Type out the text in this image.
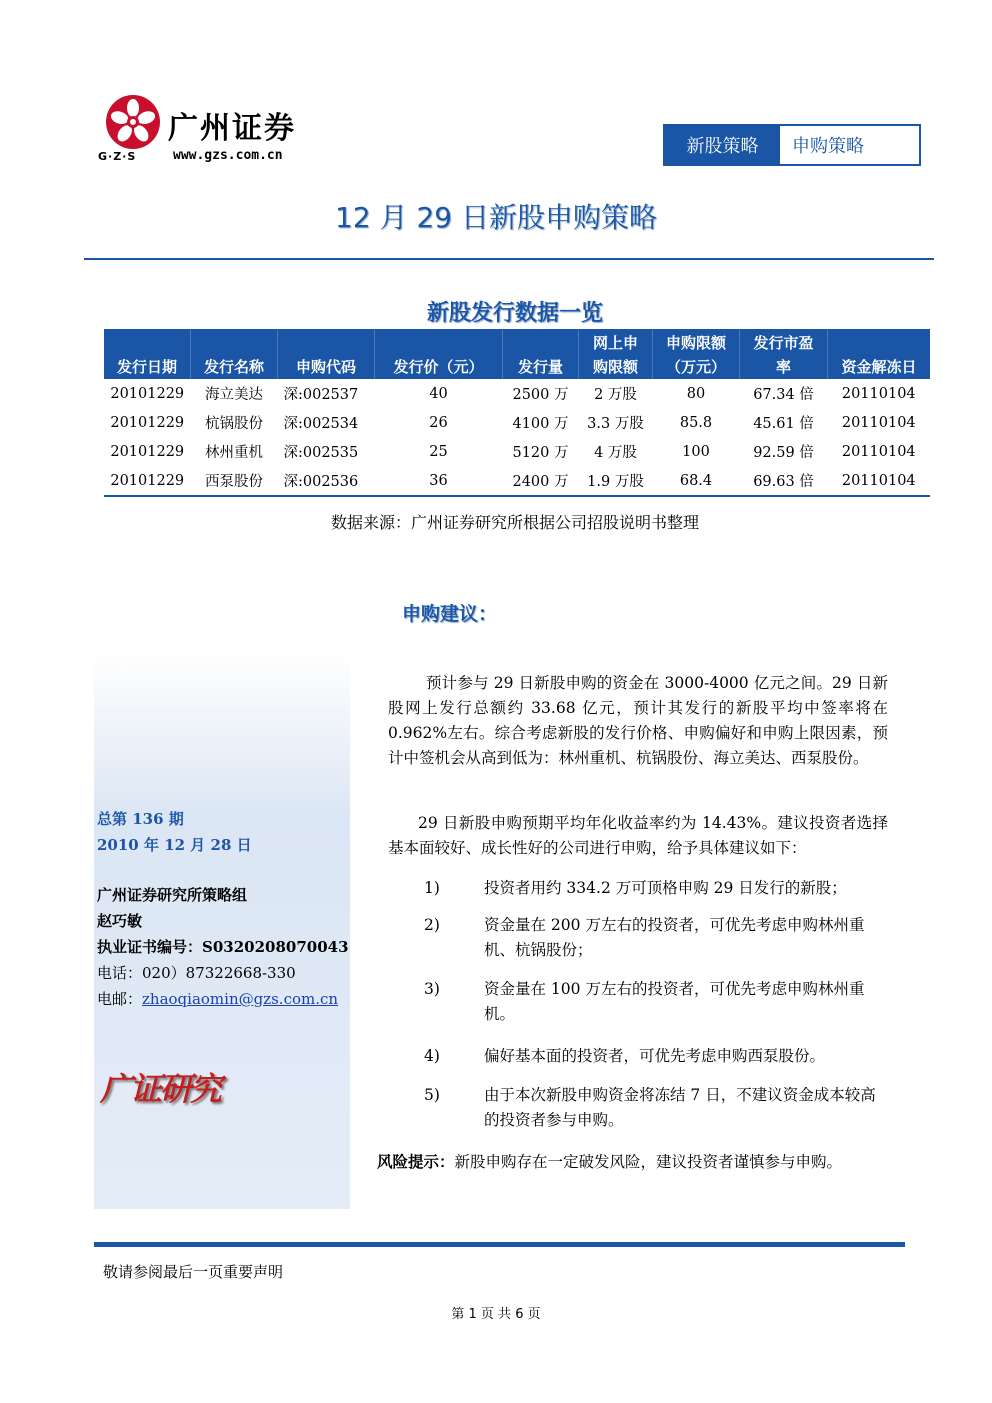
广州证券
G·Z·S	www.gzs.com.cn	新股策略	申购策略
12 月 29 日新股申购策略
新股发行数据一览
					网上申	申购限额	发行市盈	
发行日期	发行名称	申购代码	发行价（元）	发行量	购限额	（万元）	率	资金解冻日
20101229	海立美达	深:002537	40	2500 万	2 万股	80	67.34 倍	20110104
20101229	杭锅股份	深:002534	26	4100 万	3.3 万股	85.8	45.61 倍	20110104
20101229	林州重机	深:002535	25	5120 万	4 万股	100	92.59 倍	20110104
20101229	西泵股份	深:002536	36	2400 万	1.9 万股	68.4	69.63 倍	20110104
数据来源：广州证券研究所根据公司招股说明书整理
申购建议：
总第 136 期
2010 年 12 月 28 日
广州证券研究所策略组
赵巧敏
执业证书编号：S0320208070043
电话：020）87322668-330
电邮：zhaoqiaomin@gzs.com.cn
广证研究
预计参与 29 日新股申购的资金在 3000-4000 亿元之间。29 日新股网上发行总额约 33.68 亿元，预计其发行的新股平均中签率将在 0.962%左右。综合考虑新股的发行价格、申购偏好和申购上限因素，预计中签机会从高到低为：林州重机、杭锅股份、海立美达、西泵股份。
29 日新股申购预期平均年化收益率约为 14.43%。建议投资者选择基本面较好、成长性好的公司进行申购，给予具体建议如下：
1)	投资者用约 334.2 万可顶格申购 29 日发行的新股；
2)	资金量在 200 万左右的投资者，可优先考虑申购林州重机、杭锅股份；
3)	资金量在 100 万左右的投资者，可优先考虑申购林州重机。
4)	偏好基本面的投资者，可优先考虑申购西泵股份。
5)	由于本次新股申购资金将冻结 7 日，不建议资金成本较高的投资者参与申购。
风险提示：新股申购存在一定破发风险，建议投资者谨慎参与申购。
敬请参阅最后一页重要声明
第 1 页 共 6 页
